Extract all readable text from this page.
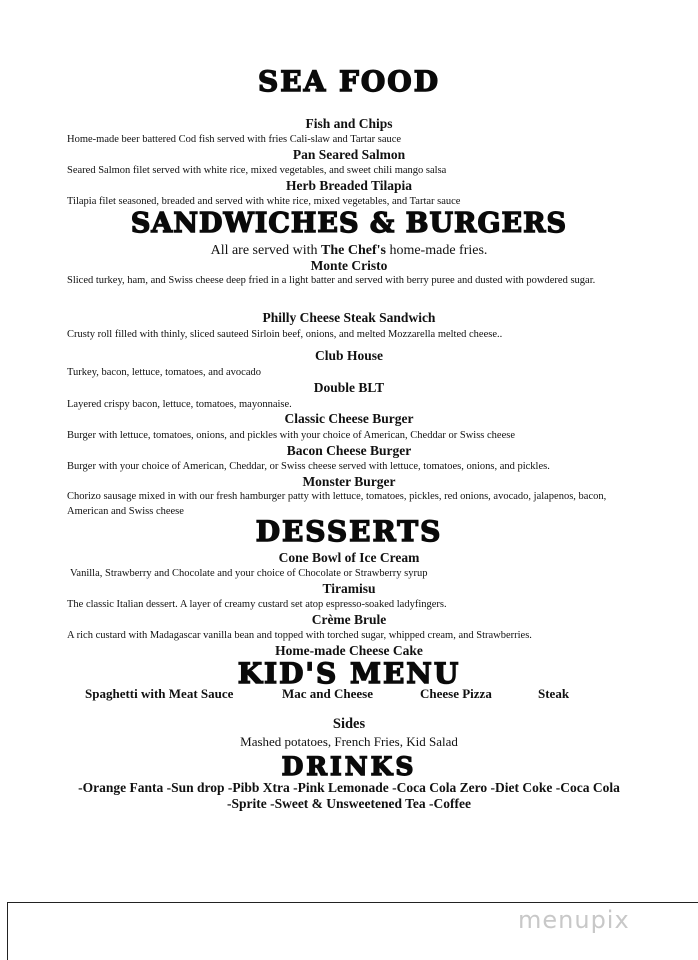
SEA FOOD
Fish and Chips
Home-made beer battered Cod fish served with fries Cali-slaw and Tartar sauce
Pan Seared Salmon
Seared Salmon filet served with white rice, mixed vegetables, and sweet chili mango salsa
Herb Breaded Tilapia
Tilapia filet seasoned, breaded and served with white rice, mixed vegetables, and Tartar sauce
SANDWICHES & BURGERS
All are served with The Chef's home-made fries.
Monte Cristo
Sliced turkey, ham, and Swiss cheese deep fried in a light batter and served with berry puree and dusted with powdered sugar.
Philly Cheese Steak Sandwich
Crusty roll filled with thinly, sliced sauteed Sirloin beef, onions, and melted Mozzarella melted cheese..
Club House
Turkey, bacon, lettuce, tomatoes, and avocado
Double BLT
Layered crispy bacon, lettuce, tomatoes, mayonnaise.
Classic Cheese Burger
Burger with lettuce, tomatoes, onions, and pickles with your choice of American, Cheddar or Swiss cheese
Bacon Cheese Burger
Burger with your choice of American, Cheddar, or Swiss cheese served with lettuce, tomatoes, onions, and pickles.
Monster Burger
Chorizo sausage mixed in with our fresh hamburger patty with lettuce, tomatoes, pickles, red onions, avocado, jalapenos, bacon, American and Swiss cheese
DESSERTS
Cone Bowl of Ice Cream
Vanilla, Strawberry and Chocolate and your choice of Chocolate or Strawberry syrup
Tiramisu
The classic Italian dessert. A layer of creamy custard set atop espresso-soaked ladyfingers.
Crème Brule
A rich custard with Madagascar vanilla bean and topped with torched sugar, whipped cream, and Strawberries.
Home-made Cheese Cake
KID'S MENU
Spaghetti with Meat Sauce	Mac and Cheese	Cheese Pizza	Steak
Sides
Mashed potatoes, French Fries, Kid Salad
DRINKS
-Orange Fanta -Sun drop -Pibb Xtra -Pink Lemonade -Coca Cola Zero -Diet Coke -Coca Cola
-Sprite -Sweet & Unsweetened Tea -Coffee
menupix
